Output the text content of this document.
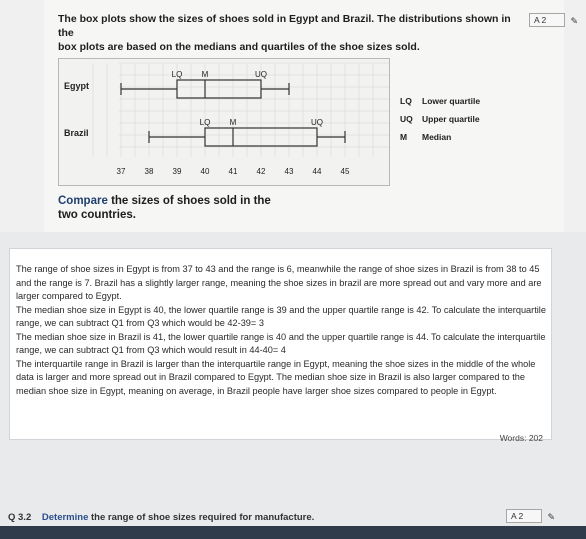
The box plots show the sizes of shoes sold in Egypt and Brazil. The distributions shown in the
box plots are based on the medians and quartiles of the shoe sizes sold.
A 2	✎
Egypt
Brazil
LQ M	UQ
LQ M	UQ
37 38 39 40 41 42 43 44 45
LQ	Lower quartile
UQ	Upper quartile
M	Median
Compare the sizes of shoes sold in the
two countries.

The range of shoe sizes in Egypt is from 37 to 43 and the range is 6, meanwhile the range of shoe sizes in Brazil is from 38 to 45 and the range is 7. Brazil has a slightly larger range, meaning the shoe sizes in brazil are more spread out and vary more and are larger compared to Egypt.

The median shoe size in Egypt is 40, the lower quartile range is 39 and the upper quartile range is 42. To calculate the interquartile range, we can subtract Q1 from Q3 which would be 42-39= 3

The median shoe size in Brazil is 41, the lower quartile range is 40 and the upper quartile range is 44. To calculate the interquartile range, we can subtract Q1 from Q3 which would result in 44-40= 4

The interquartile range in Brazil is larger than the interquartile range in Egypt, meaning the shoe sizes in the middle of the whole data is larger and more spread out in Brazil compared to Egypt. The median shoe size in Brazil is also larger compared to the median shoe size in Egypt, meaning on average, in Brazil people have larger shoe sizes compared to people in Egypt.

Words: 202
Q 3.2 Determine the range of shoe sizes required for manufacture.	A 2	✎
